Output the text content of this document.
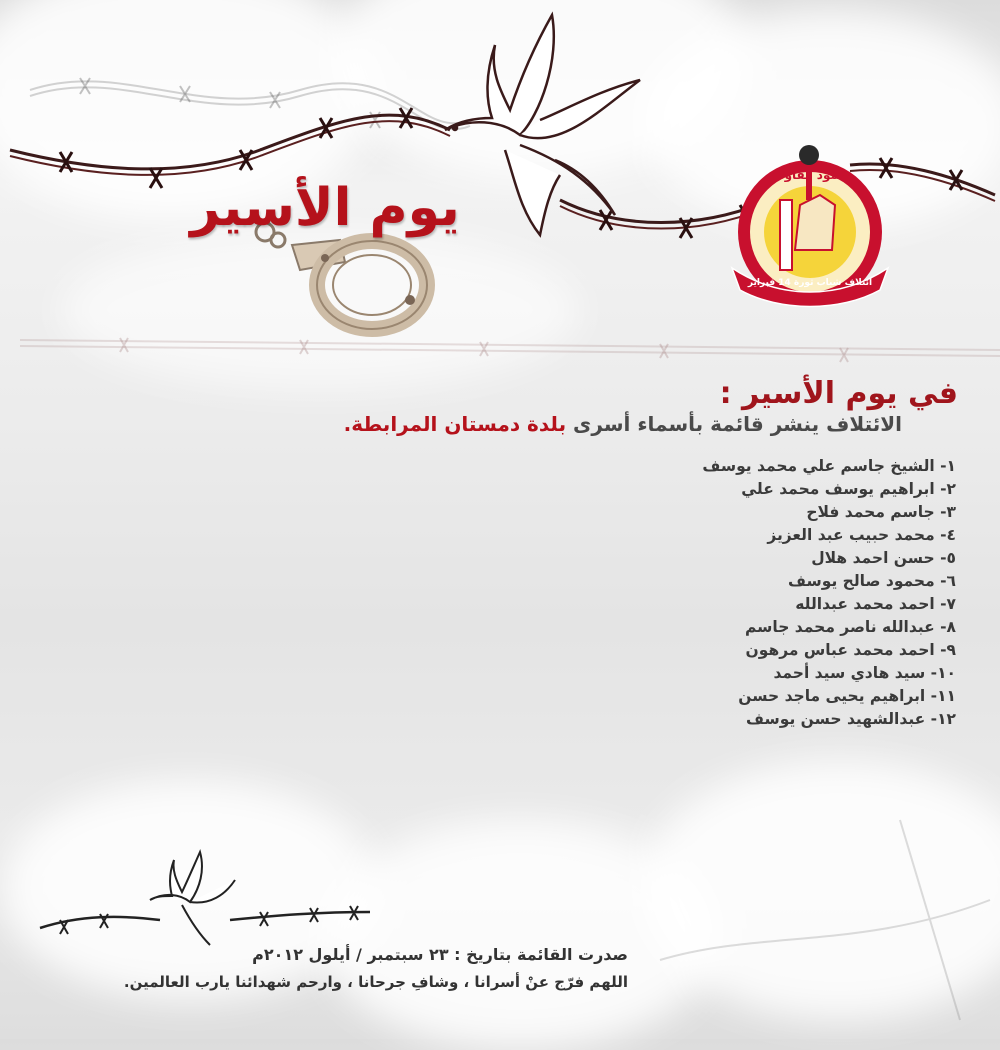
صمود مقاومة
ائتلاف شباب ثورة 14 فبراير
يوم الأسير
في يوم الأسير :
الائتلاف ينشر قائمة بأسماء أسرى بلدة دمستان المرابطة.
١- الشيخ جاسم علي محمد يوسف
٢- ابراهيم يوسف محمد علي
٣- جاسم محمد فلاح
٤- محمد حبيب عبد العزيز
٥- حسن احمد هلال
٦- محمود صالح يوسف
٧- احمد محمد عبدالله
٨- عبدالله ناصر محمد جاسم
٩- احمد محمد عباس مرهون
١٠- سيد هادي سيد أحمد
١١- ابراهيم يحيى ماجد حسن
١٢- عبدالشهيد حسن يوسف
صدرت القائمة بتاريخ : ٢٣ سبتمبر / أيلول ٢٠١٢م
اللهم فرّج عنْ أسرانا ، وشافِ جرحانا ، وارحم شهدائنا يارب العالمين.
